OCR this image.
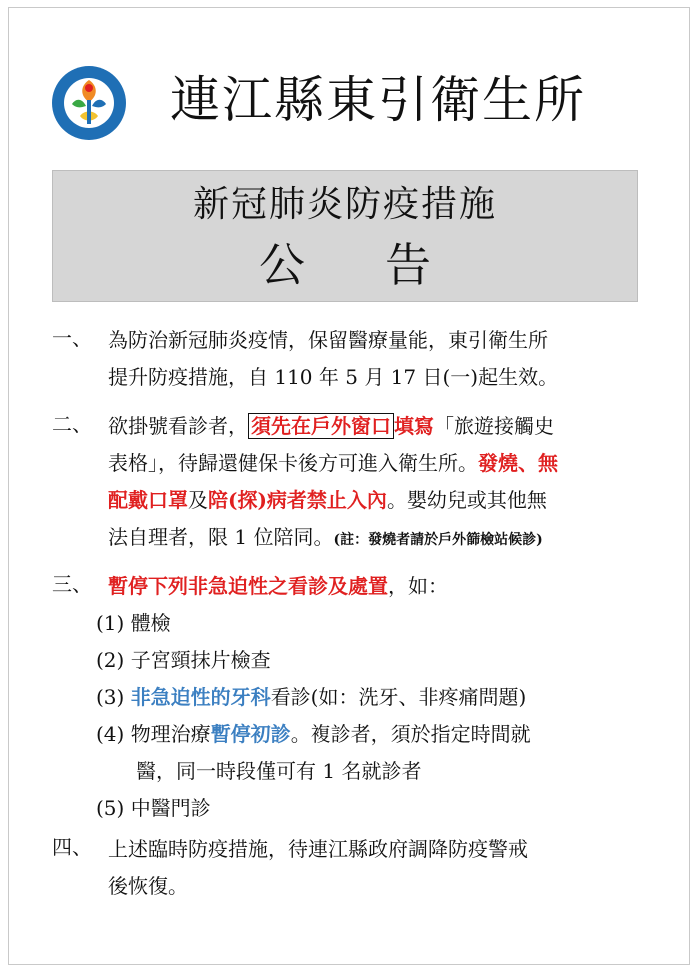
連江縣東引衛生所
新冠肺炎防疫措施
公 告
一、 為防治新冠肺炎疫情，保留醫療量能，東引衛生所
提升防疫措施，自 110 年 5 月 17 日(一)起生效。
二、 欲掛號看診者， 須先在戶外窗口 填寫「旅遊接觸史
表格」，待歸還健保卡後方可進入衛生所。發燒、無
配戴口罩及陪(探)病者禁止入內。嬰幼兒或其他無
法自理者，限 1 位陪同。(註：發燒者請於戶外篩檢站候診)
三、 暫停下列非急迫性之看診及處置，如：
(1) 體檢
(2) 子宮頸抹片檢查
(3) 非急迫性的牙科看診(如：洗牙、非疼痛問題)
(4) 物理治療暫停初診。複診者，須於指定時間就
醫，同一時段僅可有 1 名就診者
(5) 中醫門診
四、 上述臨時防疫措施，待連江縣政府調降防疫警戒
後恢復。
